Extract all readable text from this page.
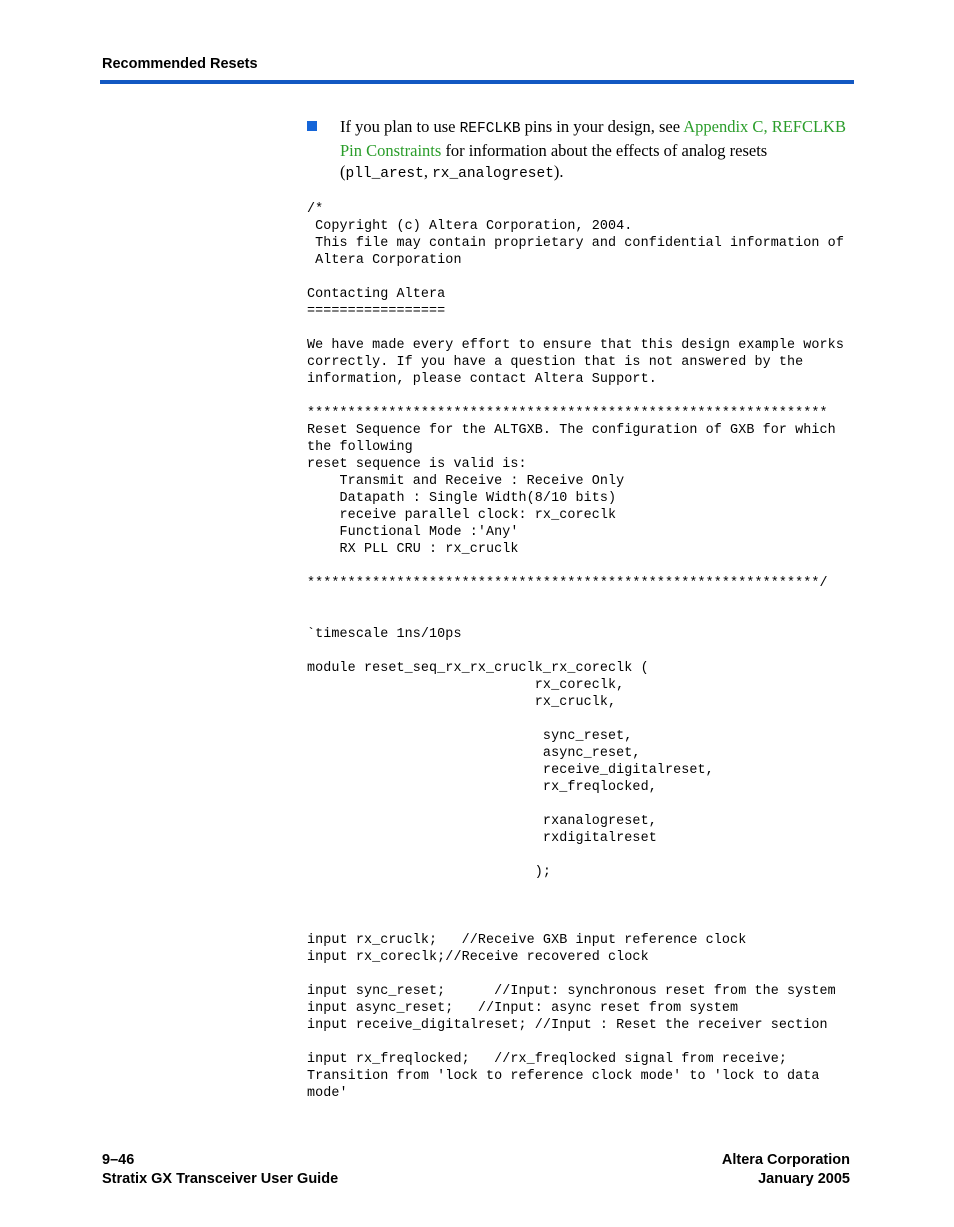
Recommended Resets
If you plan to use REFCLKB pins in your design, see Appendix C, REFCLKB Pin Constraints for information about the effects of analog resets (pll_arest, rx_analogreset).
/*
Copyright (c) Altera Corporation, 2004.
This file may contain proprietary and confidential information of
Altera Corporation

Contacting Altera
=================

We have made every effort to ensure that this design example works
correctly. If you have a question that is not answered by the
information, please contact Altera Support.

****************************************************************
Reset Sequence for the ALTGXB. The configuration of GXB for which
the following
reset sequence is valid is:
Transmit and Receive : Receive Only
Datapath : Single Width(8/10 bits)
receive parallel clock: rx_coreclk
Functional Mode :'Any'
RX PLL CRU : rx_cruclk

***************************************************************/

`timescale 1ns/10ps

module reset_seq_rx_rx_cruclk_rx_coreclk (
rx_coreclk,
rx_cruclk,

sync_reset,
async_reset,
receive_digitalreset,
rx_freqlocked,

rxanalogreset,
rxdigitalreset

);

input rx_cruclk;   //Receive GXB input reference clock
input rx_coreclk;//Receive recovered clock

input sync_reset;      //Input: synchronous reset from the system
input async_reset;   //Input: async reset from system
input receive_digitalreset; //Input : Reset the receiver section

input rx_freqlocked;   //rx_freqlocked signal from receive;
Transition from 'lock to reference clock mode' to 'lock to data
mode'

9–46
Stratix GX Transceiver User Guide
Altera Corporation
January 2005
